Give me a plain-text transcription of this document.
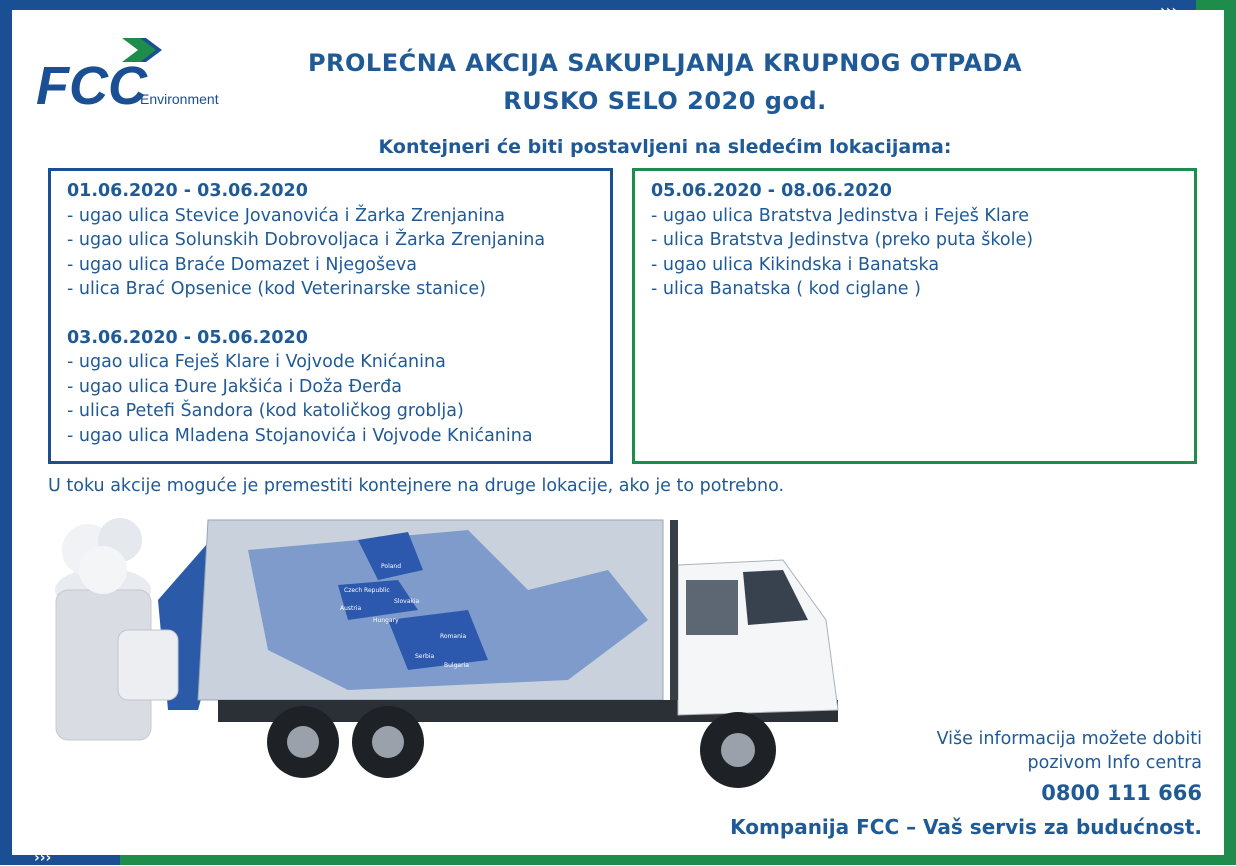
›››
›››
FCC
Environment
PROLEĆNA AKCIJA SAKUPLJANJA KRUPNOG OTPADA
RUSKO SELO 2020 god.
Kontejneri će biti postavljeni na sledećim lokacijama:
01.06.2020 - 03.06.2020
- ugao ulica Stevice Jovanovića i Žarka Zrenjanina
- ugao ulica Solunskih Dobrovoljaca i Žarka Zrenjanina
- ugao ulica Braće Domazet i Njegoševa
- ulica Brać Opsenice (kod Veterinarske stanice)
03.06.2020 - 05.06.2020
- ugao ulica Feješ Klare i Vojvode Knićanina
- ugao ulica Đure Jakšića i Doža Đerđa
- ulica Petefi Šandora (kod katoličkog groblja)
- ugao ulica Mladena Stojanovića i Vojvode Knićanina
05.06.2020 - 08.06.2020
- ugao ulica Bratstva Jedinstva i Feješ Klare
- ulica Bratstva Jedinstva (preko puta škole)
- ugao ulica Kikindska i Banatska
- ulica Banatska ( kod ciglane )
U toku akcije moguće je premestiti kontejnere na druge lokacije, ako je to potrebno.
Poland
Czech Republic
Slovakia
Austria
Hungary
Romania
Serbia
Bulgaria
Više informacija možete dobiti
pozivom Info centra
0800 111 666
Kompanija FCC – Vaš servis za budućnost.
